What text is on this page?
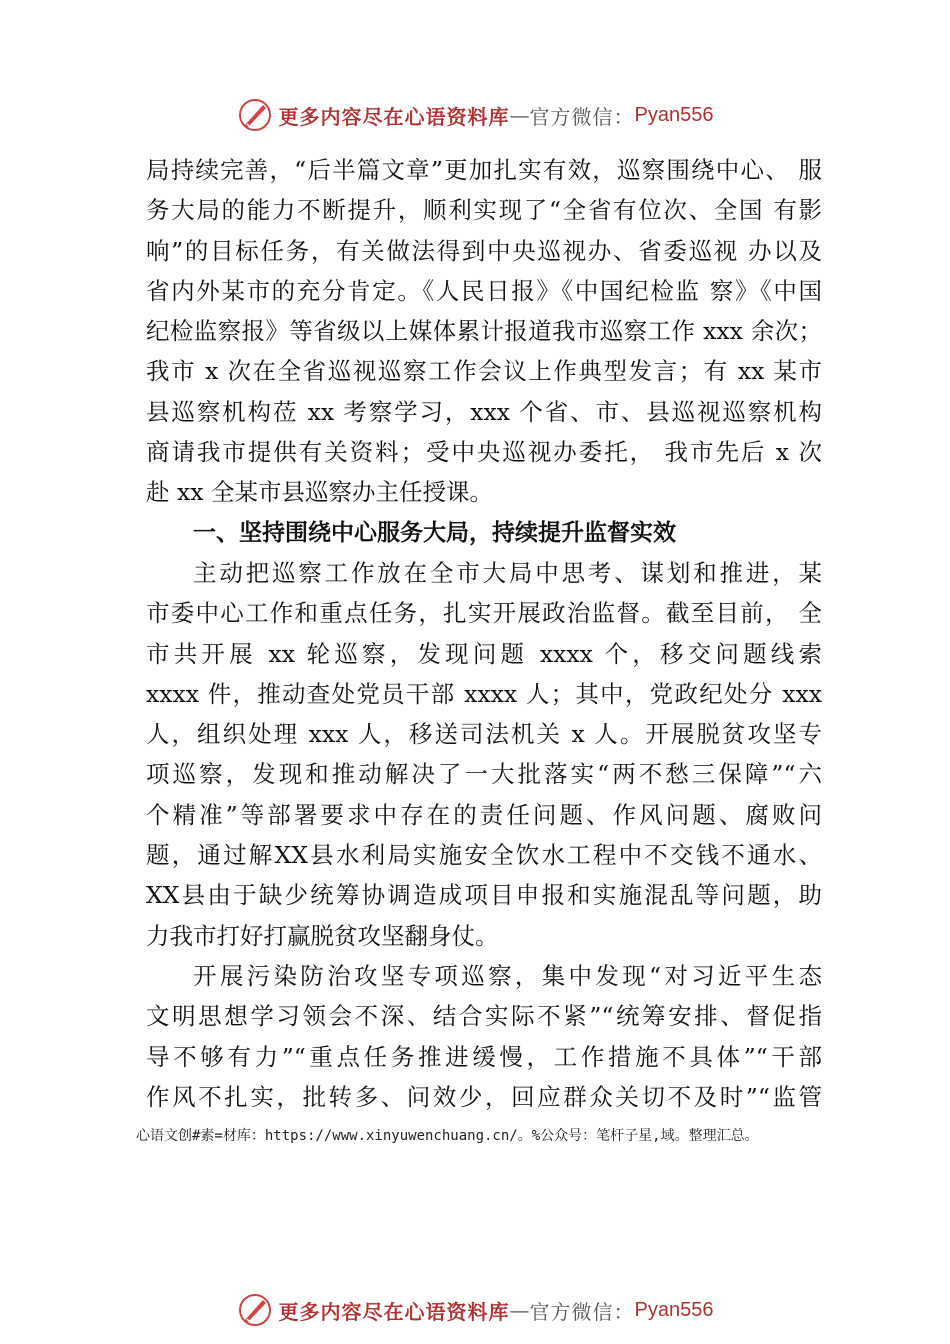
更多内容尽在心语资料库 — 官方微信： Pyan556
局持续完善，“后半篇文章”更加扎实有效，巡察围绕中心、 服
务大局的能力不断提升，顺利实现了“全省有位次、全国 有影
响”的目标任务，有关做法得到中央巡视办、省委巡视 办以及
省内外某市的充分肯定。《人民日报》《中国纪检监 察》《中国
纪检监察报》等省级以上媒体累计报道我市巡察工作 xxx 余次；
我市 x 次在全省巡视巡察工作会议上作典型发言；有 xx 某市
县巡察机构莅 xx 考察学习，xxx 个省、市、县巡视巡察机构
商请我市提供有关资料；受中央巡视办委托， 我市先后 x 次
赴 xx 全某市县巡察办主任授课。
一、坚持围绕中心服务大局，持续提升监督实效
主动把巡察工作放在全市大局中思考、谋划和推进，某
市委中心工作和重点任务，扎实开展政治监督。截至目前， 全
市共开展 xx 轮巡察，发现问题 xxxx 个，移交问题线索
xxxx 件，推动查处党员干部 xxxx 人；其中，党政纪处分 xxx
人，组织处理 xxx 人，移送司法机关 x 人。开展脱贫攻坚专
项巡察，发现和推动解决了一大批落实“两不愁三保障”“六
个精准”等部署要求中存在的责任问题、作风问题、腐败问
题，通过解XX县水利局实施安全饮水工程中不交钱不通水、
XX县由于缺少统筹协调造成项目申报和实施混乱等问题，助
力我市打好打赢脱贫攻坚翻身仗。
开展污染防治攻坚专项巡察，集中发现“对习近平生态
文明思想学习领会不深、结合实际不紧”“统筹安排、督促指
导不够有力”“重点任务推进缓慢，工作措施不具体”“干部
作风不扎实，批转多、问效少，回应群众关切不及时”“监管
心语文创#素=材库：https://www.xinyuwenchuang.cn/。%公众号：笔杆子星,域。整理汇总。
更多内容尽在心语资料库 — 官方微信： Pyan556
